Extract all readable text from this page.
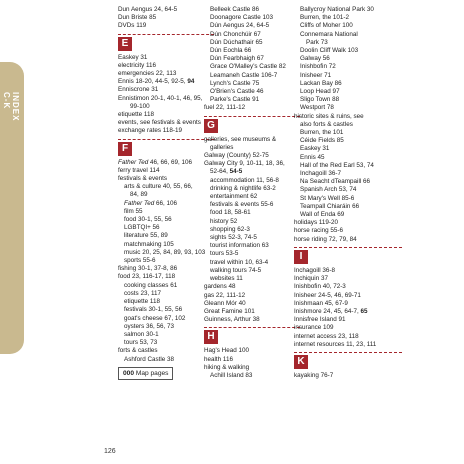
INDEX C-K
Dun Aengus 24, 64-5
Dun Briste 85
DVDs 119
E
Easkey 31
electricity 116
emergencies 22, 113
Ennis 18-20, 44-5, 92-5, 94
Enniscrone 31
Ennistimon 20-1, 40-1, 46, 95,
99-100
etiquette 118
events, see festivals & events
exchange rates 118-19
F
Father Ted 46, 66, 69, 106
ferry travel 114
festivals & events
arts & culture 40, 55, 66,
84, 89
Father Ted 66, 106
film 55
food 30-1, 55, 56
LGBTQI+ 56
literature 55, 89
matchmaking 105
music 20, 25, 84, 89, 93, 103
sports 55-6
fishing 30-1, 37-8, 86
food 23, 116-17, 118
cooking classes 61
costs 23, 117
etiquette 118
festivals 30-1, 55, 56
goat's cheese 67, 102
oysters 36, 56, 73
salmon 30-1
tours 53, 73
forts & castles
Ashford Castle 38
000 Map pages
Belleek Castle 86
Doonagore Castle 103
Dún Aengus 24, 64-5
Dún Chonchúir 67
Dún Dúchathair 65
Dún Eochla 66
Dún Fearbhaigh 67
Grace O'Malley's Castle 82
Leamaneh Castle 106-7
Lynch's Castle 75
O'Brien's Castle 46
Parke's Castle 91
fuel 22, 111-12
G
galleries, see museums &
galleries
Galway (County) 52-75
Galway City 9, 10-11, 18, 36,
52-64, 54-5
accommodation 11, 56-8
drinking & nightlife 63-2
entertainment 62
festivals & events 55-6
food 18, 58-61
history 52
shopping 62-3
sights 52-3, 74-5
tourist information 63
tours 53-5
travel within 10, 63-4
walking tours 74-5
websites 11
gardens 48
gas 22, 111-12
Gleann Mór 40
Great Famine 101
Guinness, Arthur 38
H
Hag's Head 100
health 116
hiking & walking
Achill Island 83
Ballycroy National Park 30
Burren, the 101-2
Cliffs of Moher 100
Connemara National
Park 73
Doolin Cliff Walk 103
Galway 56
Inishbofin 72
Inisheer 71
Lackan Bay 86
Loop Head 97
Sligo Town 88
Westport 78
historic sites & ruins, see
also forts & castles
Burren, the 101
Céide Fields 85
Easkey 31
Ennis 45
Hall of the Red Earl 53, 74
Inchagoill 36-7
Na Seacht dTeampaill 66
Spanish Arch 53, 74
St Mary's Well 85-6
Teampall Chiaráin 66
Wall of Enda 69
holidays 119-20
horse racing 55-6
horse riding 72, 79, 84
I
Inchagoill 36-8
Inchiquin 37
Inishbofin 40, 72-3
Inisheer 24-5, 46, 69-71
Inishmaan 45, 67-9
Inishmore 24, 45, 64-7, 65
Innisfree Island 91
insurance 109
internet access 23, 118
internet resources 11, 23, 111
K
kayaking 76-7
126
